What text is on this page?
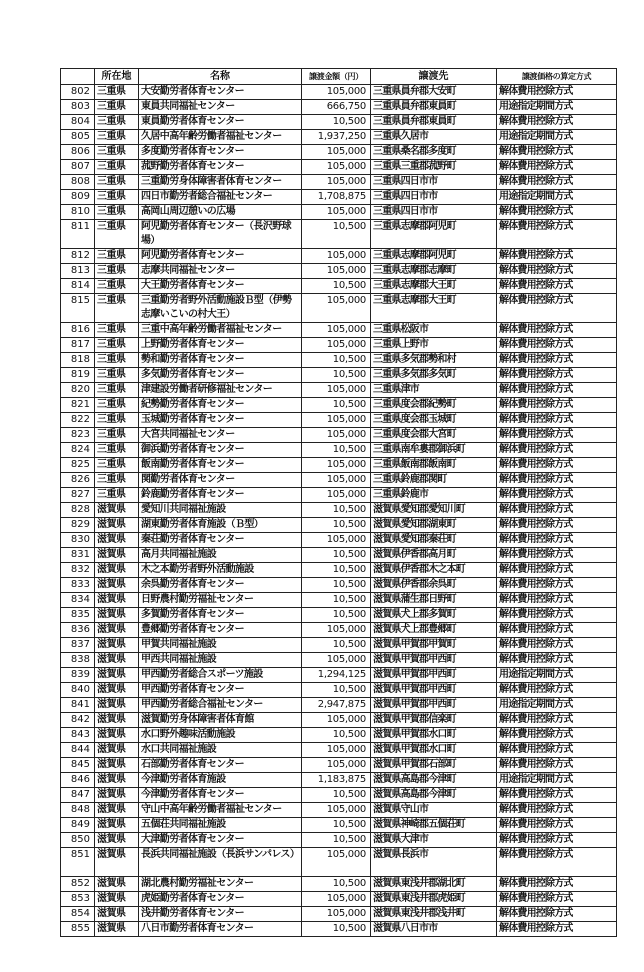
	所在地	名称	譲渡金額（円）	譲渡先	譲渡価格の算定方式
802	三重県	大安勤労者体育センター	105,000	三重県員弁郡大安町	解体費用控除方式
803	三重県	東員共同福祉センター	666,750	三重県員弁郡東員町	用途指定期間方式
804	三重県	東員勤労者体育センター	10,500	三重県員弁郡東員町	解体費用控除方式
805	三重県	久居中高年齢労働者福祉センター	1,937,250	三重県久居市	用途指定期間方式
806	三重県	多度勤労者体育センター	105,000	三重県桑名郡多度町	解体費用控除方式
807	三重県	菰野勤労者体育センター	105,000	三重県三重郡菰野町	解体費用控除方式
808	三重県	三重勤労身体障害者体育センター	105,000	三重県四日市市	解体費用控除方式
809	三重県	四日市勤労者総合福祉センター	1,708,875	三重県四日市市	用途指定期間方式
810	三重県	高岡山周辺憩いの広場	105,000	三重県四日市市	解体費用控除方式
811	三重県	阿児勤労者体育センター（長沢野球場）	10,500	三重県志摩郡阿児町	解体費用控除方式
812	三重県	阿児勤労者体育センター	105,000	三重県志摩郡阿児町	解体費用控除方式
813	三重県	志摩共同福祉センター	105,000	三重県志摩郡志摩町	解体費用控除方式
814	三重県	大王勤労者体育センター	10,500	三重県志摩郡大王町	解体費用控除方式
815	三重県	三重勤労者野外活動施設Ｂ型（伊勢志摩いこいの村大王）	105,000	三重県志摩郡大王町	解体費用控除方式
816	三重県	三重中高年齢労働者福祉センター	105,000	三重県松阪市	解体費用控除方式
817	三重県	上野勤労者体育センター	105,000	三重県上野市	解体費用控除方式
818	三重県	勢和勤労者体育センター	10,500	三重県多気郡勢和村	解体費用控除方式
819	三重県	多気勤労者体育センター	10,500	三重県多気郡多気町	解体費用控除方式
820	三重県	津建設労働者研修福祉センター	105,000	三重県津市	解体費用控除方式
821	三重県	紀勢勤労者体育センター	10,500	三重県度会郡紀勢町	解体費用控除方式
822	三重県	玉城勤労者体育センター	105,000	三重県度会郡玉城町	解体費用控除方式
823	三重県	大宮共同福祉センター	105,000	三重県度会郡大宮町	解体費用控除方式
824	三重県	御浜勤労者体育センター	10,500	三重県南牟婁郡御浜町	解体費用控除方式
825	三重県	飯南勤労者体育センター	105,000	三重県飯南郡飯南町	解体費用控除方式
826	三重県	関勤労者体育センター	105,000	三重県鈴鹿郡関町	解体費用控除方式
827	三重県	鈴鹿勤労者体育センター	105,000	三重県鈴鹿市	解体費用控除方式
828	滋賀県	愛知川共同福祉施設	10,500	滋賀県愛知郡愛知川町	解体費用控除方式
829	滋賀県	湖東勤労者体育施設（Ｂ型）	10,500	滋賀県愛知郡湖東町	解体費用控除方式
830	滋賀県	秦荘勤労者体育センター	105,000	滋賀県愛知郡秦荘町	解体費用控除方式
831	滋賀県	高月共同福祉施設	10,500	滋賀県伊香郡高月町	解体費用控除方式
832	滋賀県	木之本勤労者野外活動施設	10,500	滋賀県伊香郡木之本町	解体費用控除方式
833	滋賀県	余呉勤労者体育センター	10,500	滋賀県伊香郡余呉町	解体費用控除方式
834	滋賀県	日野農村勤労福祉センター	10,500	滋賀県蒲生郡日野町	解体費用控除方式
835	滋賀県	多賀勤労者体育センター	10,500	滋賀県犬上郡多賀町	解体費用控除方式
836	滋賀県	豊郷勤労者体育センター	105,000	滋賀県犬上郡豊郷町	解体費用控除方式
837	滋賀県	甲賀共同福祉施設	10,500	滋賀県甲賀郡甲賀町	解体費用控除方式
838	滋賀県	甲西共同福祉施設	105,000	滋賀県甲賀郡甲西町	解体費用控除方式
839	滋賀県	甲西勤労者総合スポーツ施設	1,294,125	滋賀県甲賀郡甲西町	用途指定期間方式
840	滋賀県	甲西勤労者体育センター	10,500	滋賀県甲賀郡甲西町	解体費用控除方式
841	滋賀県	甲西勤労者総合福祉センター	2,947,875	滋賀県甲賀郡甲西町	用途指定期間方式
842	滋賀県	滋賀勤労身体障害者体育館	105,000	滋賀県甲賀郡信楽町	解体費用控除方式
843	滋賀県	水口野外趣味活動施設	10,500	滋賀県甲賀郡水口町	解体費用控除方式
844	滋賀県	水口共同福祉施設	105,000	滋賀県甲賀郡水口町	解体費用控除方式
845	滋賀県	石部勤労者体育センター	105,000	滋賀県甲賀郡石部町	解体費用控除方式
846	滋賀県	今津勤労者体育施設	1,183,875	滋賀県高島郡今津町	用途指定期間方式
847	滋賀県	今津勤労者体育センター	10,500	滋賀県高島郡今津町	解体費用控除方式
848	滋賀県	守山中高年齢労働者福祉センター	105,000	滋賀県守山市	解体費用控除方式
849	滋賀県	五個荘共同福祉施設	10,500	滋賀県神崎郡五個荘町	解体費用控除方式
850	滋賀県	大津勤労者体育センター	10,500	滋賀県大津市	解体費用控除方式
851	滋賀県	長浜共同福祉施設（長浜サンパレス）	105,000	滋賀県長浜市	解体費用控除方式
852	滋賀県	湖北農村勤労福祉センター	10,500	滋賀県東浅井郡湖北町	解体費用控除方式
853	滋賀県	虎姫勤労者体育センター	105,000	滋賀県東浅井郡虎姫町	解体費用控除方式
854	滋賀県	浅井勤労者体育センター	105,000	滋賀県東浅井郡浅井町	解体費用控除方式
855	滋賀県	八日市勤労者体育センター	10,500	滋賀県八日市市	解体費用控除方式
